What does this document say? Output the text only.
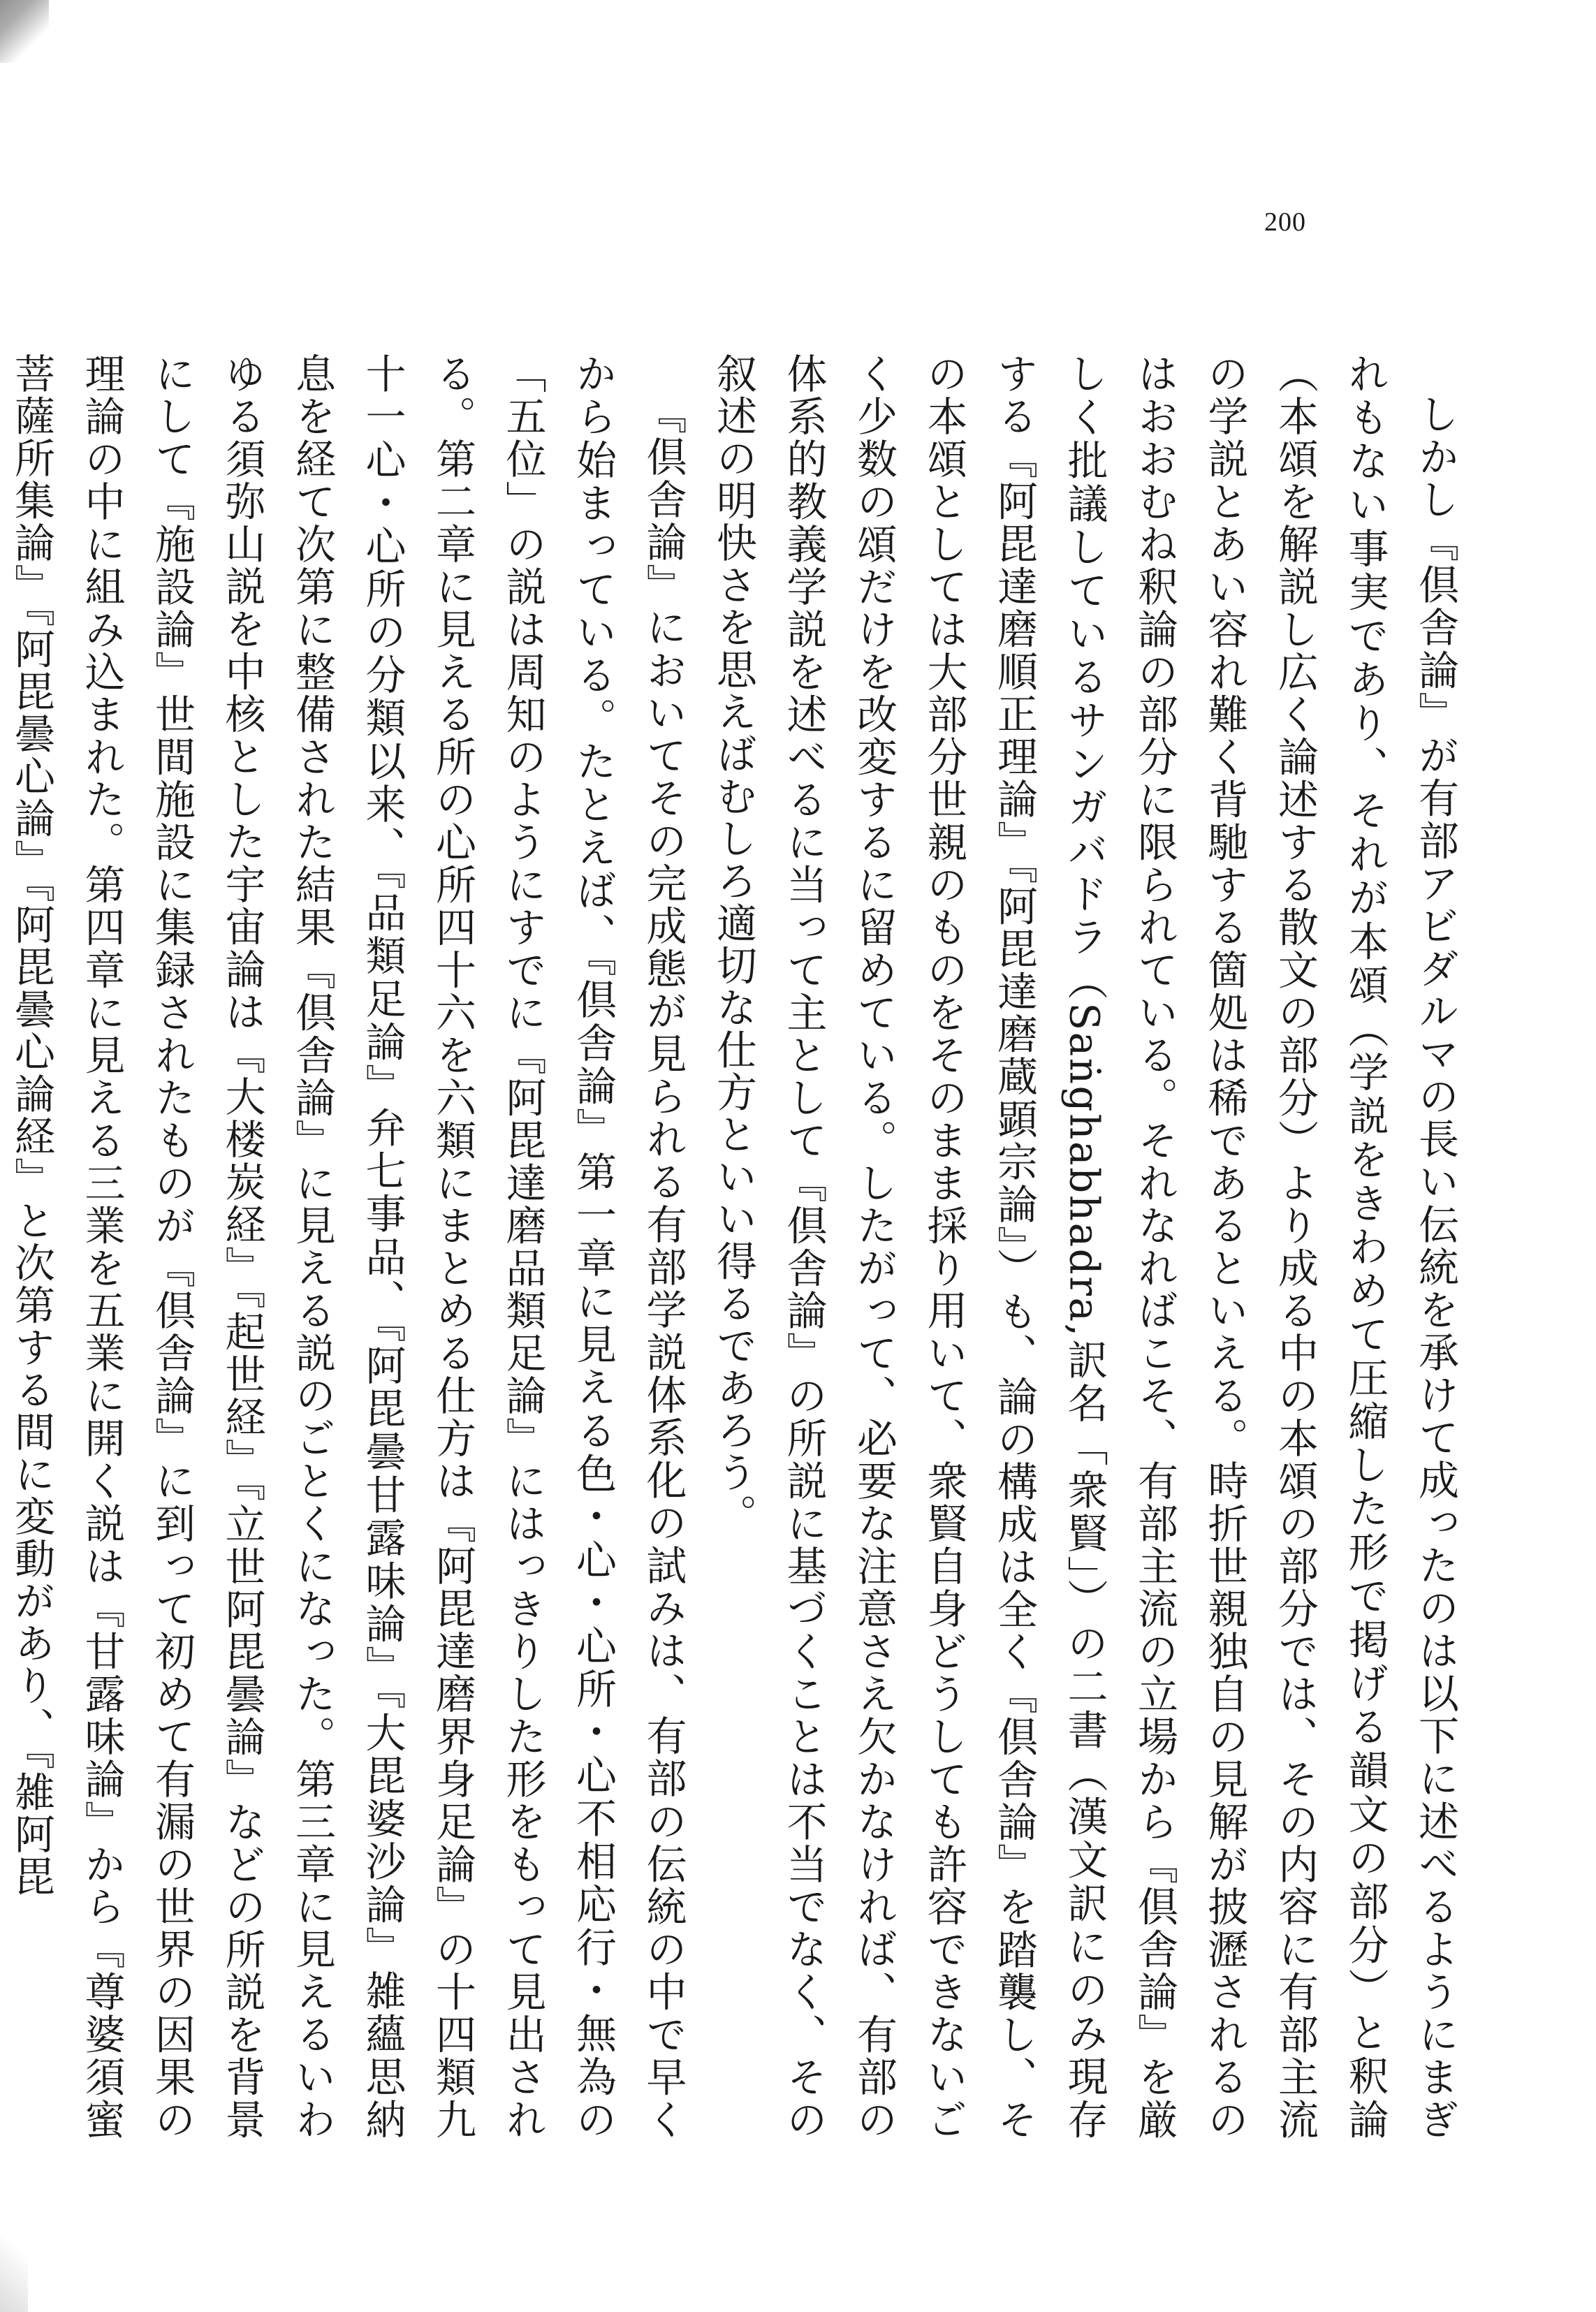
200

しかし『倶舎論』が有部アビダルマの長い伝統を承けて成ったのは以下に述べるようにまぎれもない事実であり、それが本頌（学説をきわめて圧縮した形で掲げる韻文の部分）と釈論（本頌を解説し広く論述する散文の部分）より成る中の本頌の部分では、その内容に有部主流の学説とあい容れ難く背馳する箇処は稀であるといえる。時折世親独自の見解が披瀝されるのはおおむね釈論の部分に限られている。それなればこそ、有部主流の立場から『倶舎論』を厳しく批議しているサンガバドラ（Saṅghabhadra,訳名「衆賢」）の二書（漢文訳にのみ現存する『阿毘達磨順正理論』『阿毘達磨蔵顕宗論』）も、論の構成は全く『倶舎論』を踏襲し、その本頌としては大部分世親のものをそのまま採り用いて、衆賢自身どうしても許容できないごく少数の頌だけを改変するに留めている。したがって、必要な注意さえ欠かなければ、有部の体系的教義学説を述べるに当って主として『倶舎論』の所説に基づくことは不当でなく、その叙述の明快さを思えばむしろ適切な仕方といい得るであろう。

『倶舎論』においてその完成態が見られる有部学説体系化の試みは、有部の伝統の中で早くから始まっている。たとえば、『倶舎論』第一章に見える色・心・心所・心不相応行・無為の「五位」の説は周知のようにすでに『阿毘達磨品類足論』にはっきりした形をもって見出される。第二章に見える所の心所四十六を六類にまとめる仕方は『阿毘達磨界身足論』の十四類九十一心・心所の分類以来、『品類足論』弁七事品、『阿毘曇甘露味論』『大毘婆沙論』雑蘊思納息を経て次第に整備された結果『倶舎論』に見える説のごとくになった。第三章に見えるいわゆる須弥山説を中核とした宇宙論は『大楼炭経』『起世経』『立世阿毘曇論』などの所説を背景にして『施設論』世間施設に集録されたものが『倶舎論』に到って初めて有漏の世界の因果の理論の中に組み込まれた。第四章に見える三業を五業に開く説は『甘露味論』から『尊婆須蜜菩薩所集論』『阿毘曇心論』『阿毘曇心論経』と次第する間に変動があり、『雑阿毘
